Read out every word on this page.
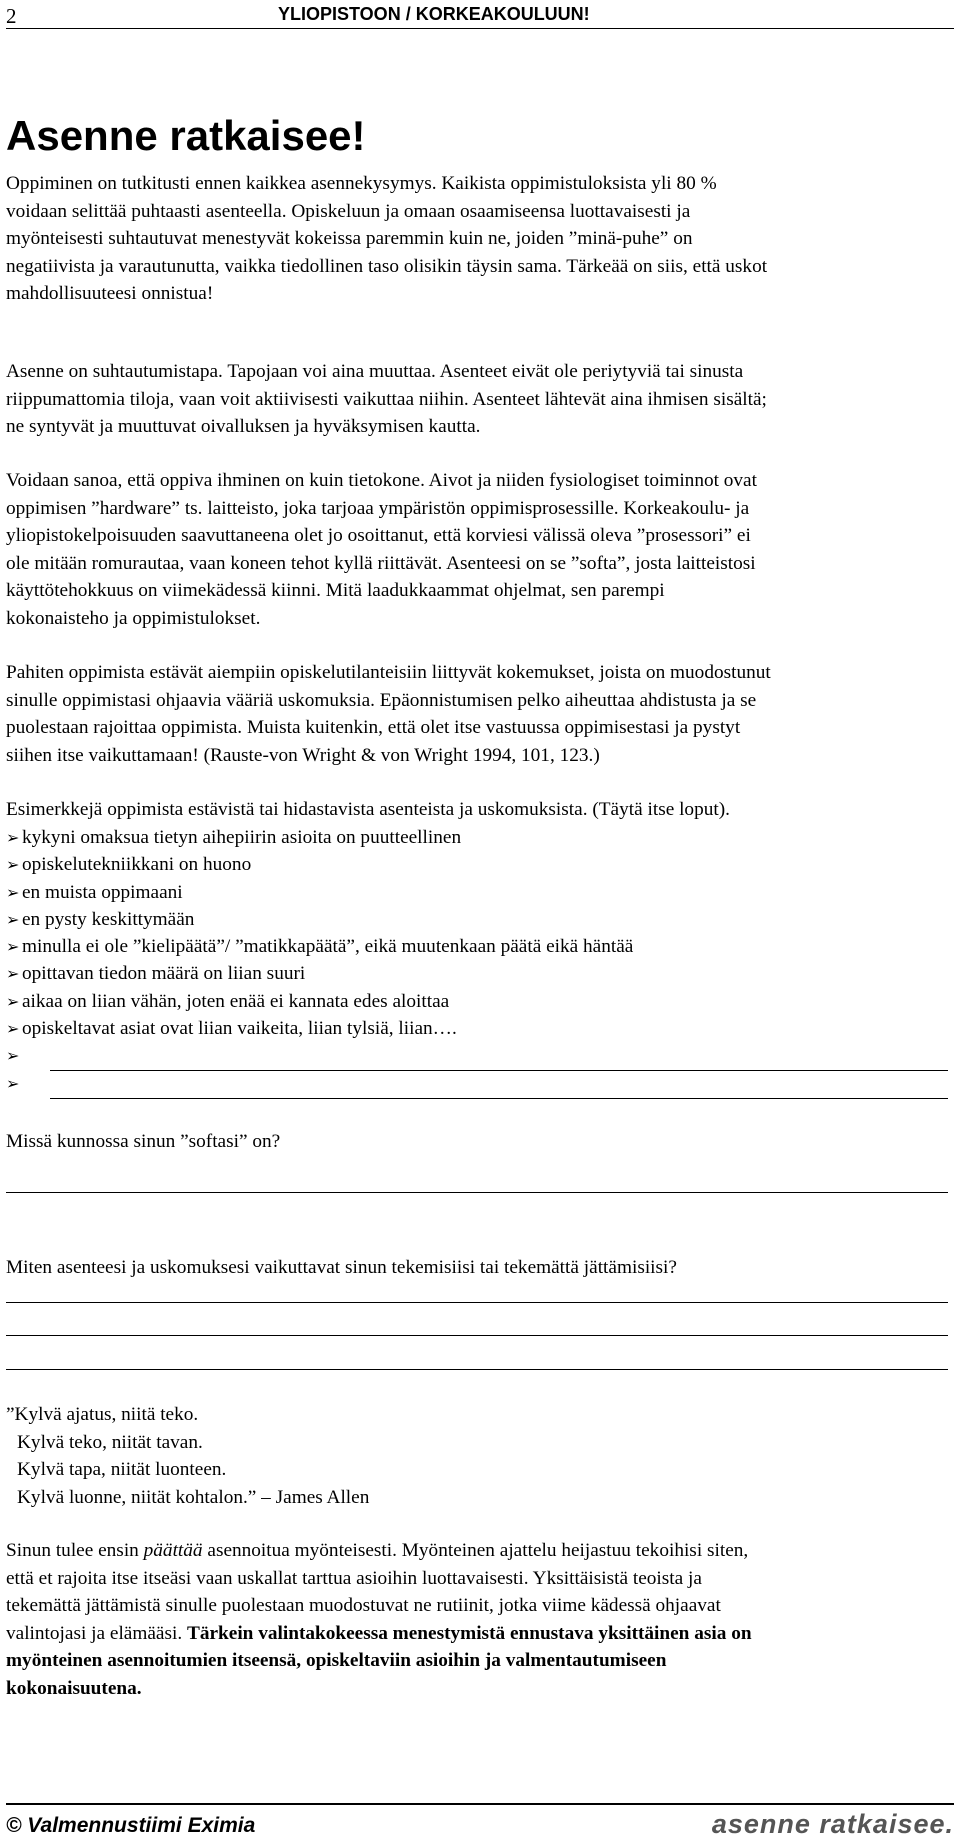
2	YLIOPISTOON / KORKEAKOULUUN!
Asenne ratkaisee!
Oppiminen on tutkitusti ennen kaikkea asennekysymys. Kaikista oppimistuloksista yli 80 %
voidaan selittää puhtaasti asenteella. Opiskeluun ja omaan osaamiseensa luottavaisesti ja
myönteisesti suhtautuvat menestyvät kokeissa paremmin kuin ne, joiden ”minä-puhe” on
negatiivista ja varautunutta, vaikka tiedollinen taso olisikin täysin sama. Tärkeää on siis, että uskot
mahdollisuuteesi onnistua!
Asenne on suhtautumistapa. Tapojaan voi aina muuttaa. Asenteet eivät ole periytyviä tai sinusta
riippumattomia tiloja, vaan voit aktiivisesti vaikuttaa niihin. Asenteet lähtevät aina ihmisen sisältä;
ne syntyvät ja muuttuvat oivalluksen ja hyväksymisen kautta.
Voidaan sanoa, että oppiva ihminen on kuin tietokone. Aivot ja niiden fysiologiset toiminnot ovat
oppimisen ”hardware” ts. laitteisto, joka tarjoaa ympäristön oppimisprosessille. Korkeakoulu- ja
yliopistokelpoisuuden saavuttaneena olet jo osoittanut, että korviesi välissä oleva ”prosessori” ei
ole mitään romurautaa, vaan koneen tehot kyllä riittävät. Asenteesi on se ”softa”, josta laitteistosi
käyttötehokkuus on viimekädessä kiinni. Mitä laadukkaammat ohjelmat, sen parempi
kokonaisteho ja oppimistulokset.
Pahiten oppimista estävät aiempiin opiskelutilanteisiin liittyvät kokemukset, joista on muodostunut
sinulle oppimistasi ohjaavia vääriä uskomuksia. Epäonnistumisen pelko aiheuttaa ahdistusta ja se
puolestaan rajoittaa oppimista. Muista kuitenkin, että olet itse vastuussa oppimisestasi ja pystyt
siihen itse vaikuttamaan! (Rauste-von Wright & von Wright 1994, 101, 123.)
Esimerkkejä oppimista estävistä tai hidastavista asenteista ja uskomuksista. (Täytä itse loput).
➢ kykyni omaksua tietyn aihepiirin asioita on puutteellinen
➢ opiskelutekniikkani on huono
➢ en muista oppimaani
➢ en pysty keskittymään
➢ minulla ei ole ”kielipäätä”/ ”matikkapäätä”, eikä muutenkaan päätä eikä häntää
➢ opittavan tiedon määrä on liian suuri
➢ aikaa on liian vähän, joten enää ei kannata edes aloittaa
➢ opiskeltavat asiat ovat liian vaikeita, liian tylsiä, liian….
➢
➢
Missä kunnossa sinun ”softasi” on?
Miten asenteesi ja uskomuksesi vaikuttavat sinun tekemisiisi tai tekemättä jättämisiisi?
”Kylvä ajatus, niitä teko.
Kylvä teko, niität tavan.
Kylvä tapa, niität luonteen.
Kylvä luonne, niität kohtalon.” – James Allen
Sinun tulee ensin päättää asennoitua myönteisesti. Myönteinen ajattelu heijastuu tekoihisi siten,
että et rajoita itse itseäsi vaan uskallat tarttua asioihin luottavaisesti. Yksittäisistä teoista ja
tekemättä jättämistä sinulle puolestaan muodostuvat ne rutiinit, jotka viime kädessä ohjaavat
valintojasi ja elämääsi. Tärkein valintakokeessa menestymistä ennustava yksittäinen asia on
myönteinen asennoitumien itseensä, opiskeltaviin asioihin ja valmentautumiseen
kokonaisuutena.
© Valmennustiimi Eximia	asenne ratkaisee.
